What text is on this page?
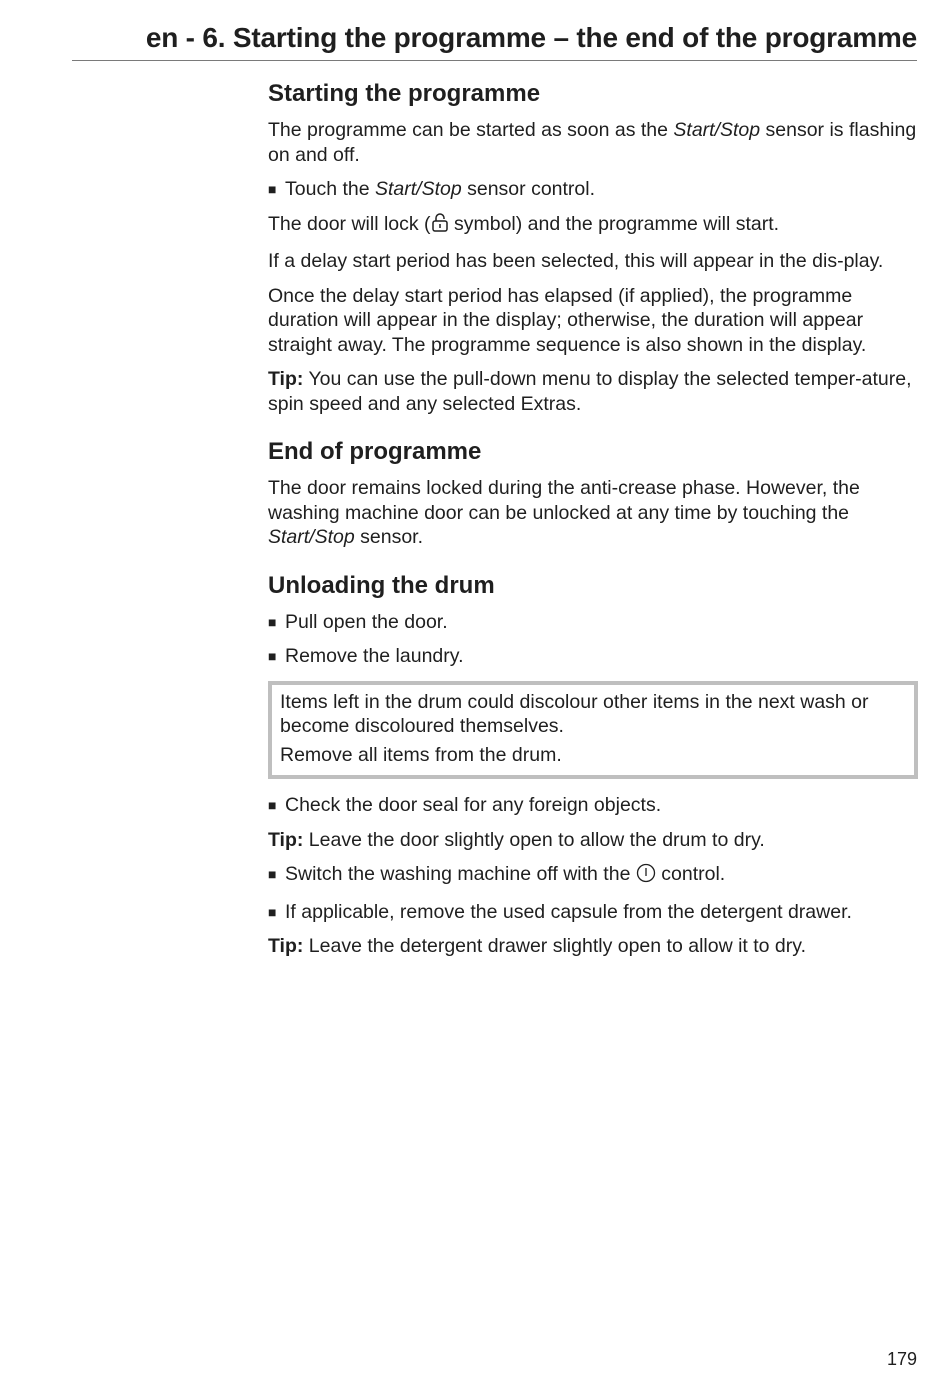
en - 6. Starting the programme – the end of the programme
Starting the programme

The programme can be started as soon as the Start/Stop sensor is flashing on and off.

■ Touch the Start/Stop sensor control.

The door will lock ( symbol) and the programme will start.

If a delay start period has been selected, this will appear in the dis-play.

Once the delay start period has elapsed (if applied), the programme duration will appear in the display; otherwise, the duration will appear straight away. The programme sequence is also shown in the display.

Tip: You can use the pull-down menu to display the selected temper-ature, spin speed and any selected Extras.

End of programme

The door remains locked during the anti-crease phase. However, the washing machine door can be unlocked at any time by touching the Start/Stop sensor.

Unloading the drum
■ Pull open the door.
■ Remove the laundry.

Items left in the drum could discolour other items in the next wash or become discoloured themselves.

Remove all items from the drum.

■ Check the door seal for any foreign objects.

Tip: Leave the door slightly open to allow the drum to dry.

■ Switch the washing machine off with the  control.
■ If applicable, remove the used capsule from the detergent drawer.

Tip: Leave the detergent drawer slightly open to allow it to dry.

179
